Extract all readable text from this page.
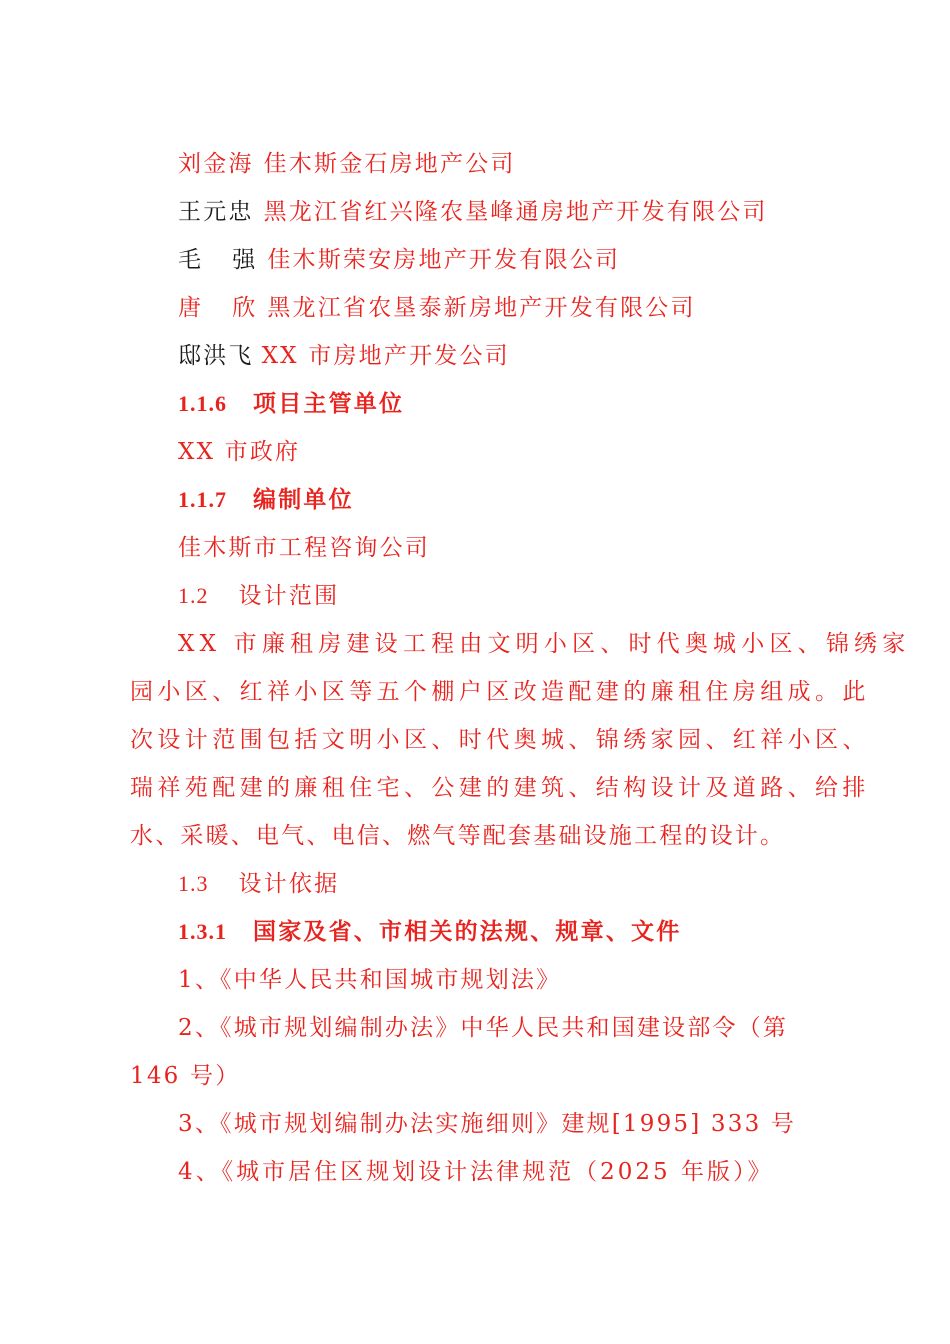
刘金海 佳木斯金石房地产公司
王元忠 黑龙江省红兴隆农垦峰通房地产开发有限公司
毛 强佳木斯荣安房地产开发有限公司
唐 欣黑龙江省农垦泰新房地产开发有限公司
邸洪飞 XX 市房地产开发公司
1.1.6 项目主管单位
XX 市政府
1.1.7 编制单位
佳木斯市工程咨询公司
1.2 设计范围
XX 市廉租房建设工程由文明小区、时代奥城小区、锦绣家
园小区、红祥小区等五个棚户区改造配建的廉租住房组成。此
次设计范围包括文明小区、时代奥城、锦绣家园、红祥小区、
瑞祥苑配建的廉租住宅、公建的建筑、结构设计及道路、给排
水、采暖、电气、电信、燃气等配套基础设施工程的设计。
1.3 设计依据
1.3.1 国家及省、市相关的法规、规章、文件
1、《中华人民共和国城市规划法》
2、《城市规划编制办法》中华人民共和国建设部令（第
146 号）
3、《城市规划编制办法实施细则》建规[1995] 333 号
4、《城市居住区规划设计法律规范（2025 年版）》
